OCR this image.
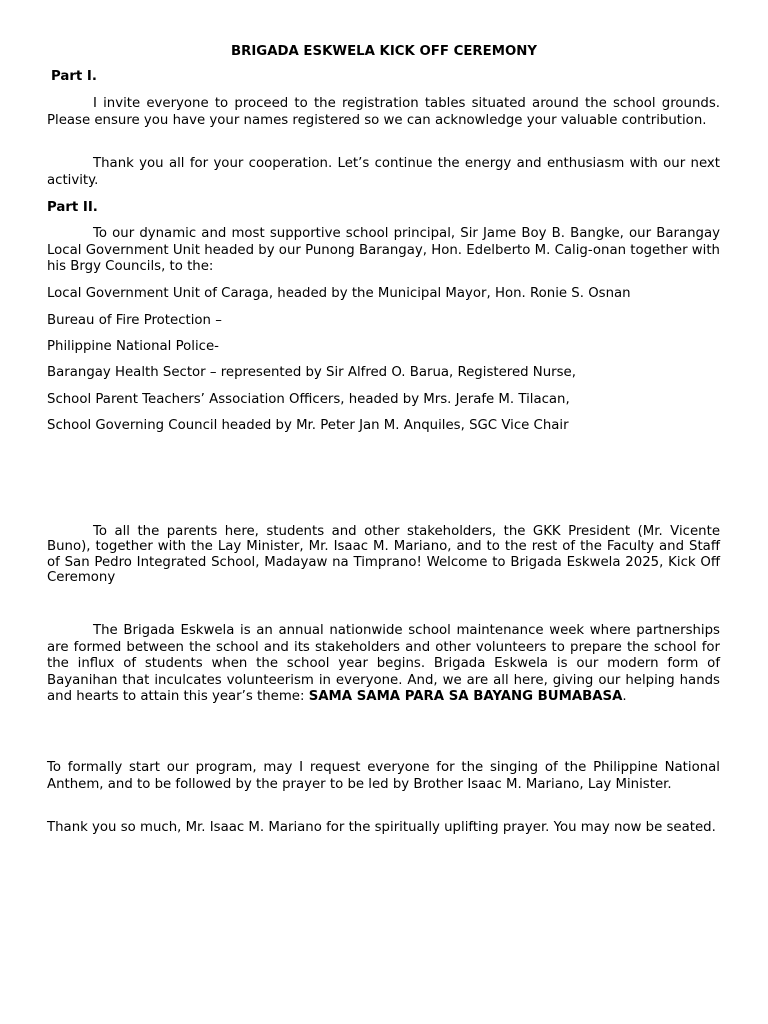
BRIGADA ESKWELA KICK OFF CEREMONY

Part I.

I invite everyone to proceed to the registration tables situated around the school grounds. Please ensure you have your names registered so we can acknowledge your valuable contribution.

Thank you all for your cooperation. Let’s continue the energy and enthusiasm with our next activity.

Part II.

To our dynamic and most supportive school principal, Sir Jame Boy B. Bangke, our Barangay Local Government Unit headed by our Punong Barangay, Hon. Edelberto M. Calig-onan together with his Brgy Councils, to the:

Local Government Unit of Caraga, headed by the Municipal Mayor, Hon. Ronie S. Osnan

Bureau of Fire Protection –

Philippine National Police-

Barangay Health Sector – represented by Sir Alfred O. Barua, Registered Nurse,

School Parent Teachers’ Association Officers, headed by Mrs. Jerafe M. Tilacan,

School Governing Council headed by Mr. Peter Jan M. Anquiles, SGC Vice Chair

To all the parents here, students and other stakeholders, the GKK President (Mr. Vicente Buno), together with the Lay Minister, Mr. Isaac M. Mariano, and to the rest of the Faculty and Staff of San Pedro Integrated School, Madayaw na Timprano! Welcome to Brigada Eskwela 2025, Kick Off Ceremony

The Brigada Eskwela is an annual nationwide school maintenance week where partnerships are formed between the school and its stakeholders and other volunteers to prepare the school for the influx of students when the school year begins. Brigada Eskwela is our modern form of Bayanihan that inculcates volunteerism in everyone. And, we are all here, giving our helping hands and hearts to attain this year’s theme: SAMA SAMA PARA SA BAYANG BUMABASA.

To formally start our program, may I request everyone for the singing of the Philippine National Anthem, and to be followed by the prayer to be led by Brother Isaac M. Mariano, Lay Minister.

Thank you so much, Mr. Isaac M. Mariano for the spiritually uplifting prayer. You may now be seated.
